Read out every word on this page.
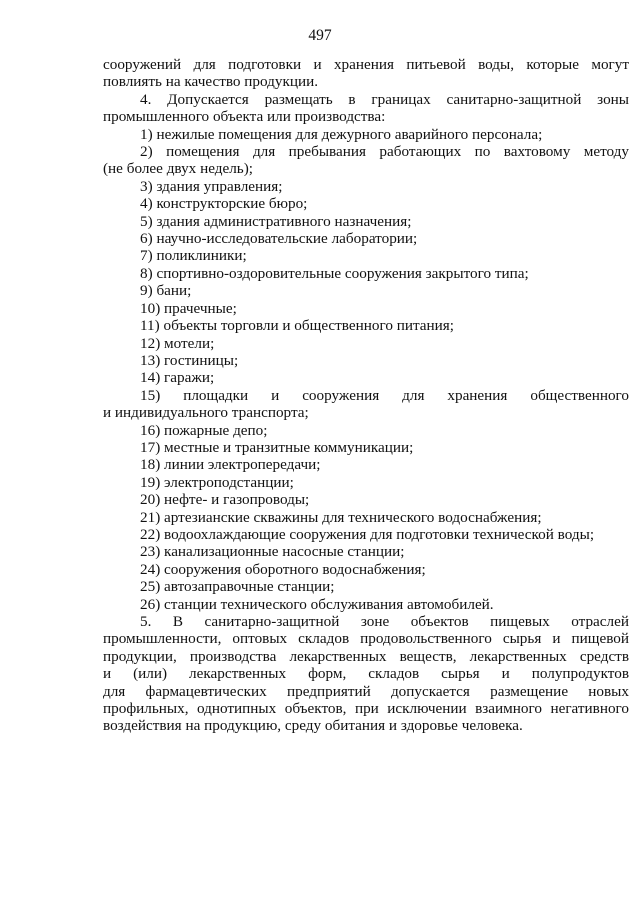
497

сооружений для подготовки и хранения питьевой воды, которые могут

повлиять на качество продукции.

4. Допускается размещать в границах санитарно-защитной зоны

промышленного объекта или производства:

1) нежилые помещения для дежурного аварийного персонала;

2) помещения для пребывания работающих по вахтовому методу

(не более двух недель);

3) здания управления;

4) конструкторские бюро;

5) здания административного назначения;

6) научно-исследовательские лаборатории;

7) поликлиники;

8) спортивно-оздоровительные сооружения закрытого типа;

9) бани;

10) прачечные;

11) объекты торговли и общественного питания;

12) мотели;

13) гостиницы;

14) гаражи;

15) площадки и сооружения для хранения общественного

и индивидуального транспорта;

16) пожарные депо;

17) местные и транзитные коммуникации;

18) линии электропередачи;

19) электроподстанции;

20) нефте- и газопроводы;

21) артезианские скважины для технического водоснабжения;

22) водоохлаждающие сооружения для подготовки технической воды;

23) канализационные насосные станции;

24) сооружения оборотного водоснабжения;

25) автозаправочные станции;

26) станции технического обслуживания автомобилей.

5. В санитарно-защитной зоне объектов пищевых отраслей

промышленности, оптовых складов продовольственного сырья и пищевой

продукции, производства лекарственных веществ, лекарственных средств

и (или) лекарственных форм, складов сырья и полупродуктов

для фармацевтических предприятий допускается размещение новых

профильных, однотипных объектов, при исключении взаимного негативного

воздействия на продукцию, среду обитания и здоровье человека.
